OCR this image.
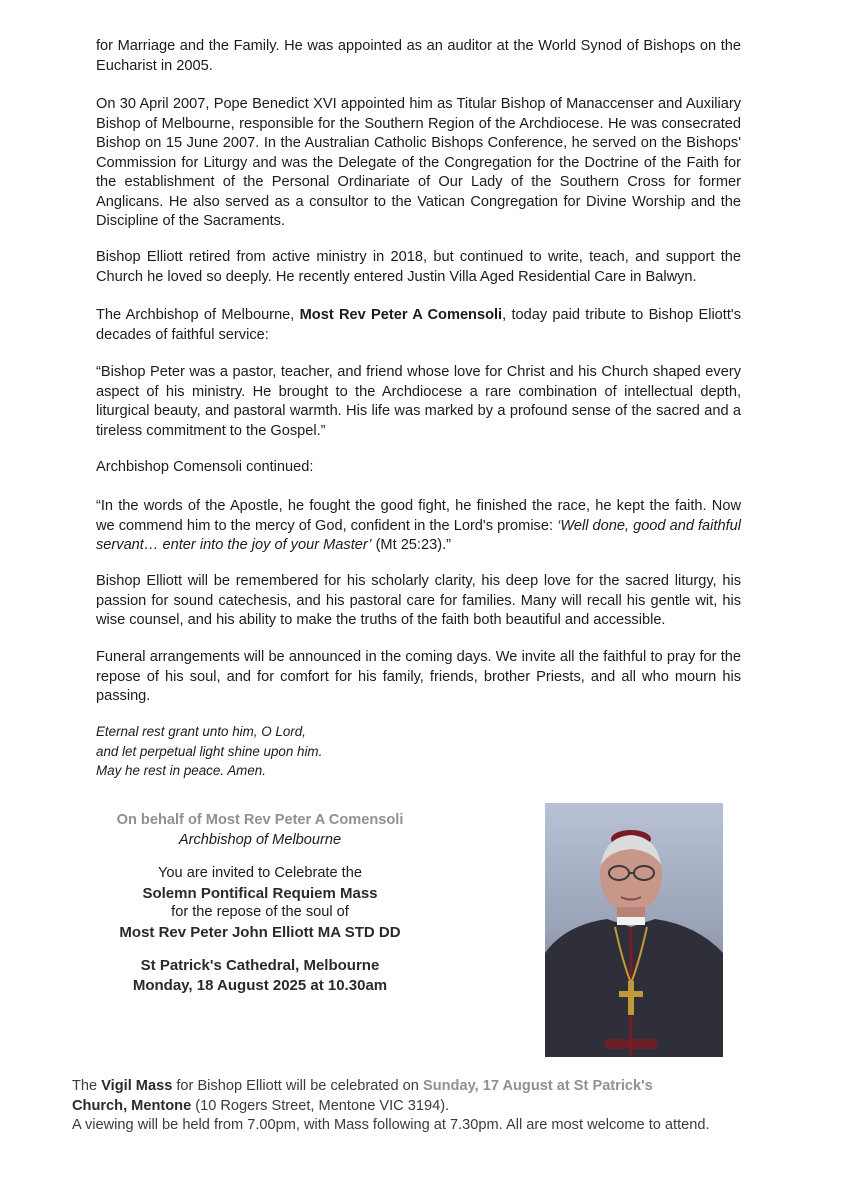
for Marriage and the Family. He was appointed as an auditor at the World Synod of Bishops on the Eucharist in 2005.

On 30 April 2007, Pope Benedict XVI appointed him as Titular Bishop of Manaccenser and Auxiliary Bishop of Melbourne, responsible for the Southern Region of the Archdiocese. He was consecrated Bishop on 15 June 2007. In the Australian Catholic Bishops Conference, he served on the Bishops' Commission for Liturgy and was the Delegate of the Congregation for the Doctrine of the Faith for the establishment of the Personal Ordinariate of Our Lady of the Southern Cross for former Anglicans. He also served as a consultor to the Vatican Congregation for Divine Worship and the Discipline of the Sacraments.

Bishop Elliott retired from active ministry in 2018, but continued to write, teach, and support the Church he loved so deeply. He recently entered Justin Villa Aged Residential Care in Balwyn.

The Archbishop of Melbourne, Most Rev Peter A Comensoli, today paid tribute to Bishop Eliott's decades of faithful service:

“Bishop Peter was a pastor, teacher, and friend whose love for Christ and his Church shaped every aspect of his ministry. He brought to the Archdiocese a rare combination of intellectual depth, liturgical beauty, and pastoral warmth. His life was marked by a profound sense of the sacred and a tireless commitment to the Gospel.”

Archbishop Comensoli continued:

“In the words of the Apostle, he fought the good fight, he finished the race, he kept the faith. Now we commend him to the mercy of God, confident in the Lord's promise: ‘Well done, good and faithful servant… enter into the joy of your Master’ (Mt 25:23).”

Bishop Elliott will be remembered for his scholarly clarity, his deep love for the sacred liturgy, his passion for sound catechesis, and his pastoral care for families. Many will recall his gentle wit, his wise counsel, and his ability to make the truths of the faith both beautiful and accessible.

Funeral arrangements will be announced in the coming days. We invite all the faithful to pray for the repose of his soul, and for comfort for his family, friends, brother Priests, and all who mourn his passing.

Eternal rest grant unto him, O Lord,
and let perpetual light shine upon him.
May he rest in peace. Amen.
On behalf of Most Rev Peter A Comensoli
Archbishop of Melbourne
You are invited to Celebrate the
Solemn Pontifical Requiem Mass
for the repose of the soul of
Most Rev Peter John Elliott MA STD DD
St Patrick's Cathedral, Melbourne
Monday, 18 August 2025 at 10.30am

The Vigil Mass for Bishop Elliott will be celebrated on Sunday, 17 August at St Patrick's
Church, Mentone (10 Rogers Street, Mentone VIC 3194).
A viewing will be held from 7.00pm, with Mass following at 7.30pm. All are most welcome to attend.
